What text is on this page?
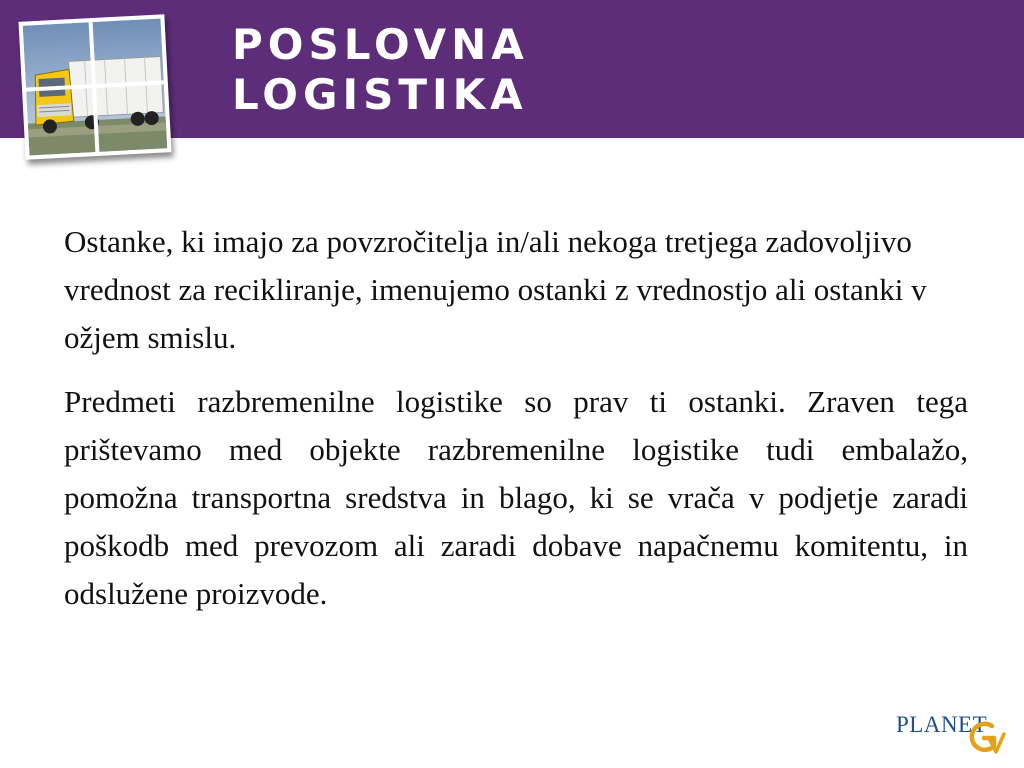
POSLOVNA
LOGISTIKA

Ostanke, ki imajo za povzročitelja in/ali nekoga tretjega zadovoljivo vrednost za recikliranje, imenujemo ostanki z vrednostjo ali ostanki v ožjem smislu.

Predmeti razbremenilne logistike so prav ti ostanki. Zraven tega prištevamo med objekte razbremenilne logistike tudi embalažo, pomožna transportna sredstva in blago, ki se vrača v podjetje zaradi poškodb med prevozom ali zaradi dobave napačnemu komitentu, in odslužene proizvode.

PLANET
